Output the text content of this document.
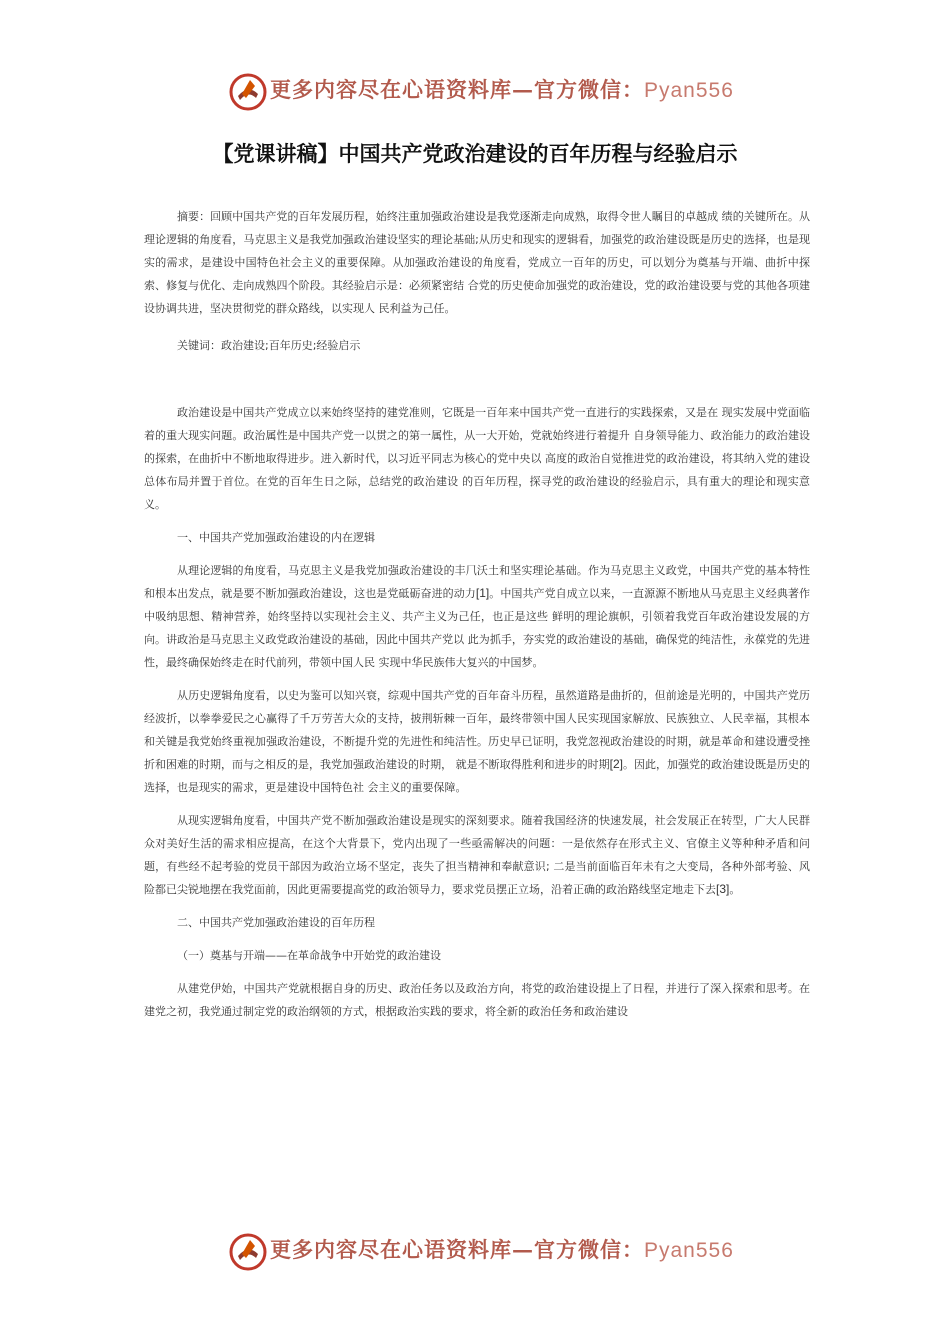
更多内容尽在心语资料库—官方微信：Pyan556
【党课讲稿】中国共产党政治建设的百年历程与经验启示

摘要：回顾中国共产党的百年发展历程，始终注重加强政治建设是我党逐渐走向成熟，取得令世人瞩目的卓越成 绩的关键所在。从理论逻辑的角度看，马克思主义是我党加强政治建设坚实的理论基础;从历史和现实的逻辑看，加强党的政治建设既是历史的选择，也是现实的需求，是建设中国特色社会主义的重要保障。从加强政治建设的角度看，党成立一百年的历史，可以划分为奠基与开端、曲折中探索、修复与优化、走向成熟四个阶段。其经验启示是：必须紧密结 合党的历史使命加强党的政治建设，党的政治建设要与党的其他各项建设协调共进，坚决贯彻党的群众路线，以实现人 民利益为己任。

关键词：政治建设;百年历史;经验启示

政治建设是中国共产党成立以来始终坚持的建党准则，它既是一百年来中国共产党一直进行的实践探索，又是在 现实发展中党面临着的重大现实问题。政治属性是中国共产党一以贯之的第一属性，从一大开始，党就始终进行着提升 自身领导能力、政治能力的政治建设的探索，在曲折中不断地取得进步。进入新时代，以习近平同志为核心的党中央以 高度的政治自觉推进党的政治建设，将其纳入党的建设总体布局并置于首位。在党的百年生日之际，总结党的政治建设 的百年历程，探寻党的政治建设的经验启示，具有重大的理论和现实意义。

一、中国共产党加强政治建设的内在逻辑

从理论逻辑的角度看，马克思主义是我党加强政治建设的丰⺇沃土和坚实理论基础。作为马克思主义政党，中国共产党的基本特性和根本出发点，就是要不断加强政治建设，这也是党砥砺奋进的动力[1]。中国共产党自成立以来，一直源源不断地从马克思主义经典著作中吸纳思想、精神营养，始终坚持以实现社会主义、共产主义为己任，也正是这些 鲜明的理论旗帜，引领着我党百年政治建设发展的方向。讲政治是马克思主义政党政治建设的基础，因此中国共产党以 此为抓手，夯实党的政治建设的基础，确保党的纯洁性，永葆党的先进性，最终确保始终走在时代前列，带领中国人民 实现中华民族伟大复兴的中国梦。

从历史逻辑角度看，以史为鉴可以知兴衰，综观中国共产党的百年奋斗历程，虽然道路是曲折的，但前途是光明的，中国共产党历经波折，以拳拳爱民之心赢得了千万劳苦大众的支持，披荆斩棘一百年，最终带领中国人民实现国家解放、民族独立、人民幸福，其根本和关键是我党始终重视加强政治建设，不断提升党的先进性和纯洁性。历史早已证明，我党忽视政治建设的时期，就是革命和建设遭受挫折和困难的时期，而与之相反的是，我党加强政治建设的时期， 就是不断取得胜利和进步的时期[2]。因此，加强党的政治建设既是历史的选择，也是现实的需求，更是建设中国特色社 会主义的重要保障。

从现实逻辑角度看，中国共产党不断加强政治建设是现实的深刻要求。随着我国经济的快速发展，社会发展正在转型，广大人民群众对美好生活的需求相应提高，在这个大背景下，党内出现了一些亟需解决的问题：一是依然存在形式主义、官僚主义等种种矛盾和问题，有些经不起考验的党员干部因为政治立场不坚定，丧失了担当精神和奉献意识; 二是当前面临百年未有之大变局，各种外部考验、风险都已尖锐地摆在我党面前，因此更需要提高党的政治领导力，要求党员摆正立场，沿着正确的政治路线坚定地走下去[3]。

二、中国共产党加强政治建设的百年历程

（一）奠基与开端——在革命战争中开始党的政治建设

从建党伊始，中国共产党就根据自身的历史、政治任务以及政治方向，将党的政治建设提上了日程，并进行了深入探索和思考。在建党之初，我党通过制定党的政治纲领的方式，根据政治实践的要求，将全新的政治任务和政治建设

更多内容尽在心语资料库—官方微信：Pyan556
